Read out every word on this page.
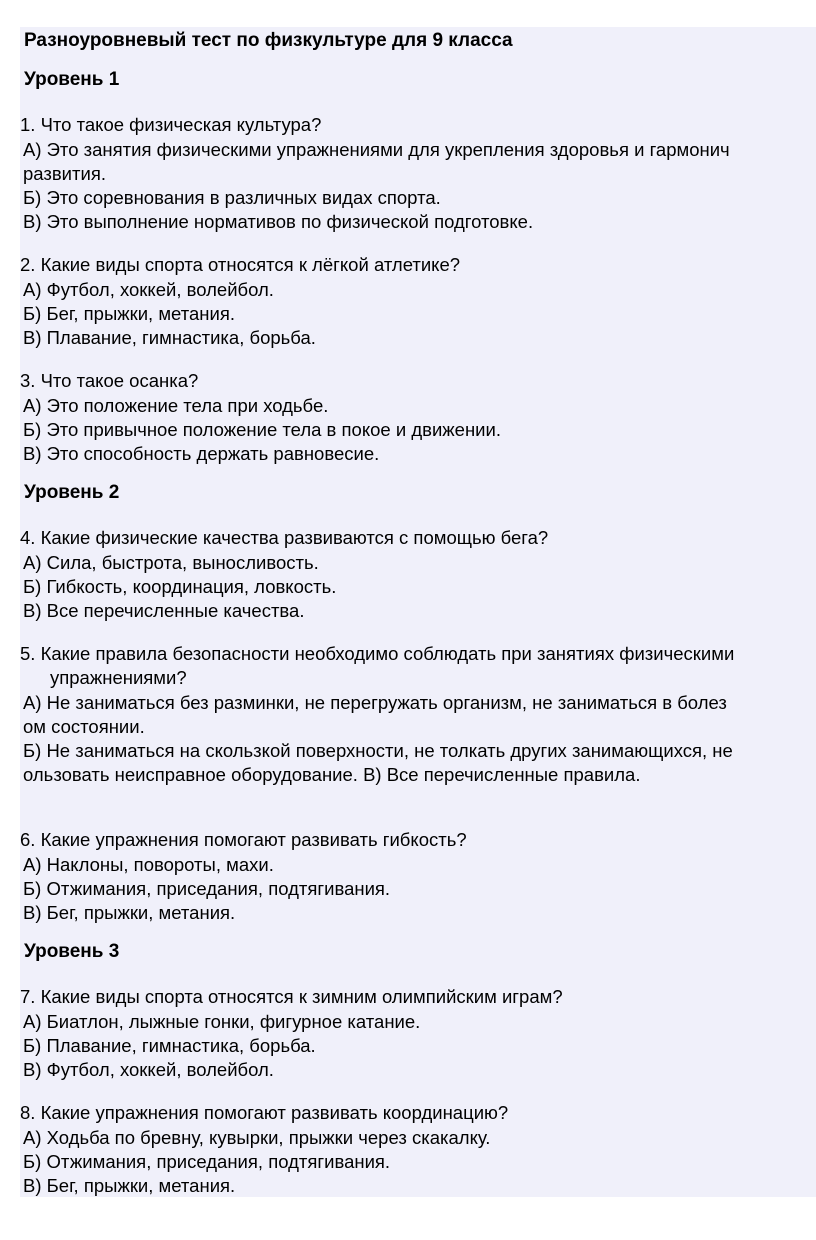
Разноуровневый тест по физкультуре для 9 класса
Уровень 1
1. Что такое физическая культура?
А) Это занятия физическими упражнениями для укрепления здоровья и гармонич
развития.
Б) Это соревнования в различных видах спорта.
В) Это выполнение нормативов по физической подготовке.
2. Какие виды спорта относятся к лёгкой атлетике?
А) Футбол, хоккей, волейбол.
Б) Бег, прыжки, метания.
В) Плавание, гимнастика, борьба.
3. Что такое осанка?
А) Это положение тела при ходьбе.
Б) Это привычное положение тела в покое и движении.
В) Это способность держать равновесие.
Уровень 2
4. Какие физические качества развиваются с помощью бега?
А) Сила, быстрота, выносливость.
Б) Гибкость, координация, ловкость.
В) Все перечисленные качества.
5. Какие правила безопасности необходимо соблюдать при занятиях физическими
упражнениями?
А) Не заниматься без разминки, не перегружать организм, не заниматься в болез
ом состоянии.
Б) Не заниматься на скользкой поверхности, не толкать других занимающихся, не
ользовать неисправное оборудование. В) Все перечисленные правила.
6. Какие упражнения помогают развивать гибкость?
А) Наклоны, повороты, махи.
Б) Отжимания, приседания, подтягивания.
В) Бег, прыжки, метания.
Уровень 3
7. Какие виды спорта относятся к зимним олимпийским играм?
А) Биатлон, лыжные гонки, фигурное катание.
Б) Плавание, гимнастика, борьба.
В) Футбол, хоккей, волейбол.
8. Какие упражнения помогают развивать координацию?
А) Ходьба по бревну, кувырки, прыжки через скакалку.
Б) Отжимания, приседания, подтягивания.
В) Бег, прыжки, метания.
